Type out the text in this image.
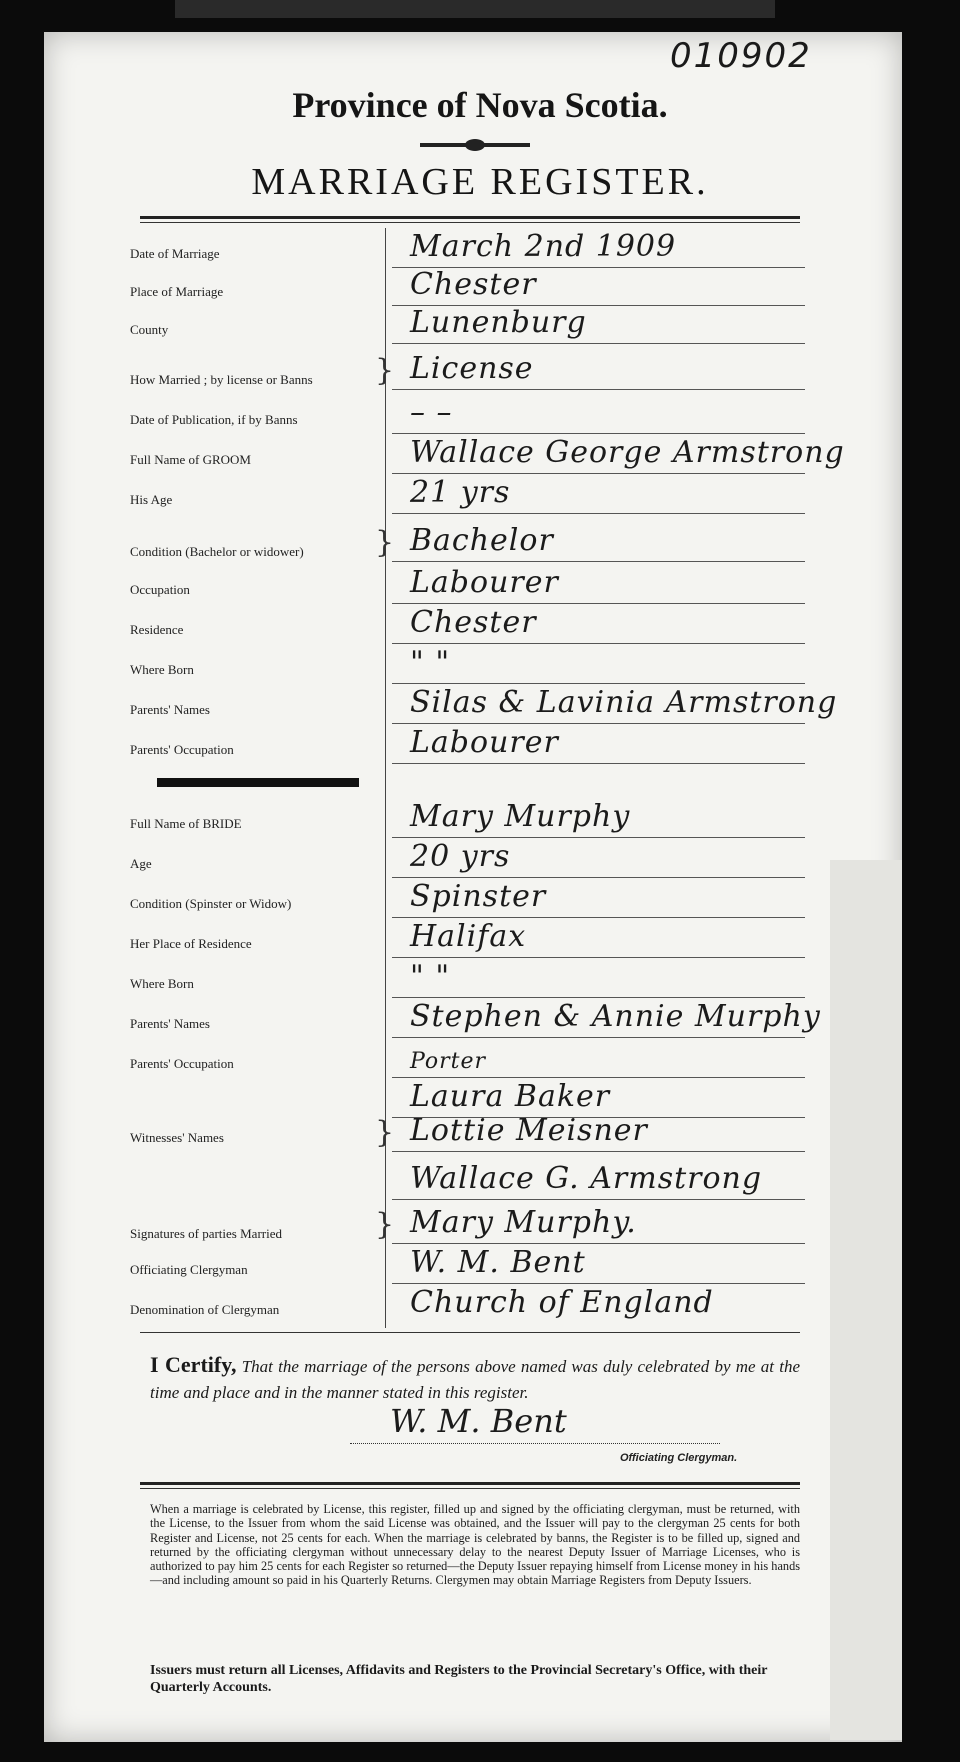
010902
Province of Nova Scotia.
MARRIAGE REGISTER.
Date of Marriage	March 2nd 1909
Place of Marriage	Chester
County	Lunenburg
How Married ; by license or Banns	} License
Date of Publication, if by Banns	– –
Full Name of GROOM	Wallace George Armstrong
His Age	21 yrs
Condition (Bachelor or widower)	} Bachelor
Occupation	Labourer
Residence	Chester
Where Born	" "
Parents' Names	Silas & Lavinia Armstrong
Parents' Occupation	Labourer
Full Name of BRIDE	Mary Murphy
Age	20 yrs
Condition (Spinster or Widow)	Spinster
Her Place of Residence	Halifax
Where Born	" "
Parents' Names	Stephen & Annie Murphy
Parents' Occupation	Porter
Laura Baker
Witnesses' Names	} Lottie Meisner
Wallace G. Armstrong
Signatures of parties Married	} Mary Murphy.
Officiating Clergyman	W. M. Bent
Denomination of Clergyman	Church of England
I Certify, That the marriage of the persons above named was duly celebrated by me at the time and place and in the manner stated in this register.
W. M. Bent
Officiating Clergyman.
When a marriage is celebrated by License, this register, filled up and signed by the officiating clergyman, must be returned, with the License, to the Issuer from whom the said License was obtained, and the Issuer will pay to the clergyman 25 cents for both Register and License, not 25 cents for each. When the marriage is celebrated by banns, the Register is to be filled up, signed and returned by the officiating clergyman without unnecessary delay to the nearest Deputy Issuer of Marriage Licenses, who is authorized to pay him 25 cents for each Register so returned—the Deputy Issuer repaying himself from License money in his hands—and including amount so paid in his Quarterly Returns. Clergymen may obtain Marriage Registers from Deputy Issuers.
Issuers must return all Licenses, Affidavits and Registers to the Provincial Secretary's Office, with their Quarterly Accounts.
